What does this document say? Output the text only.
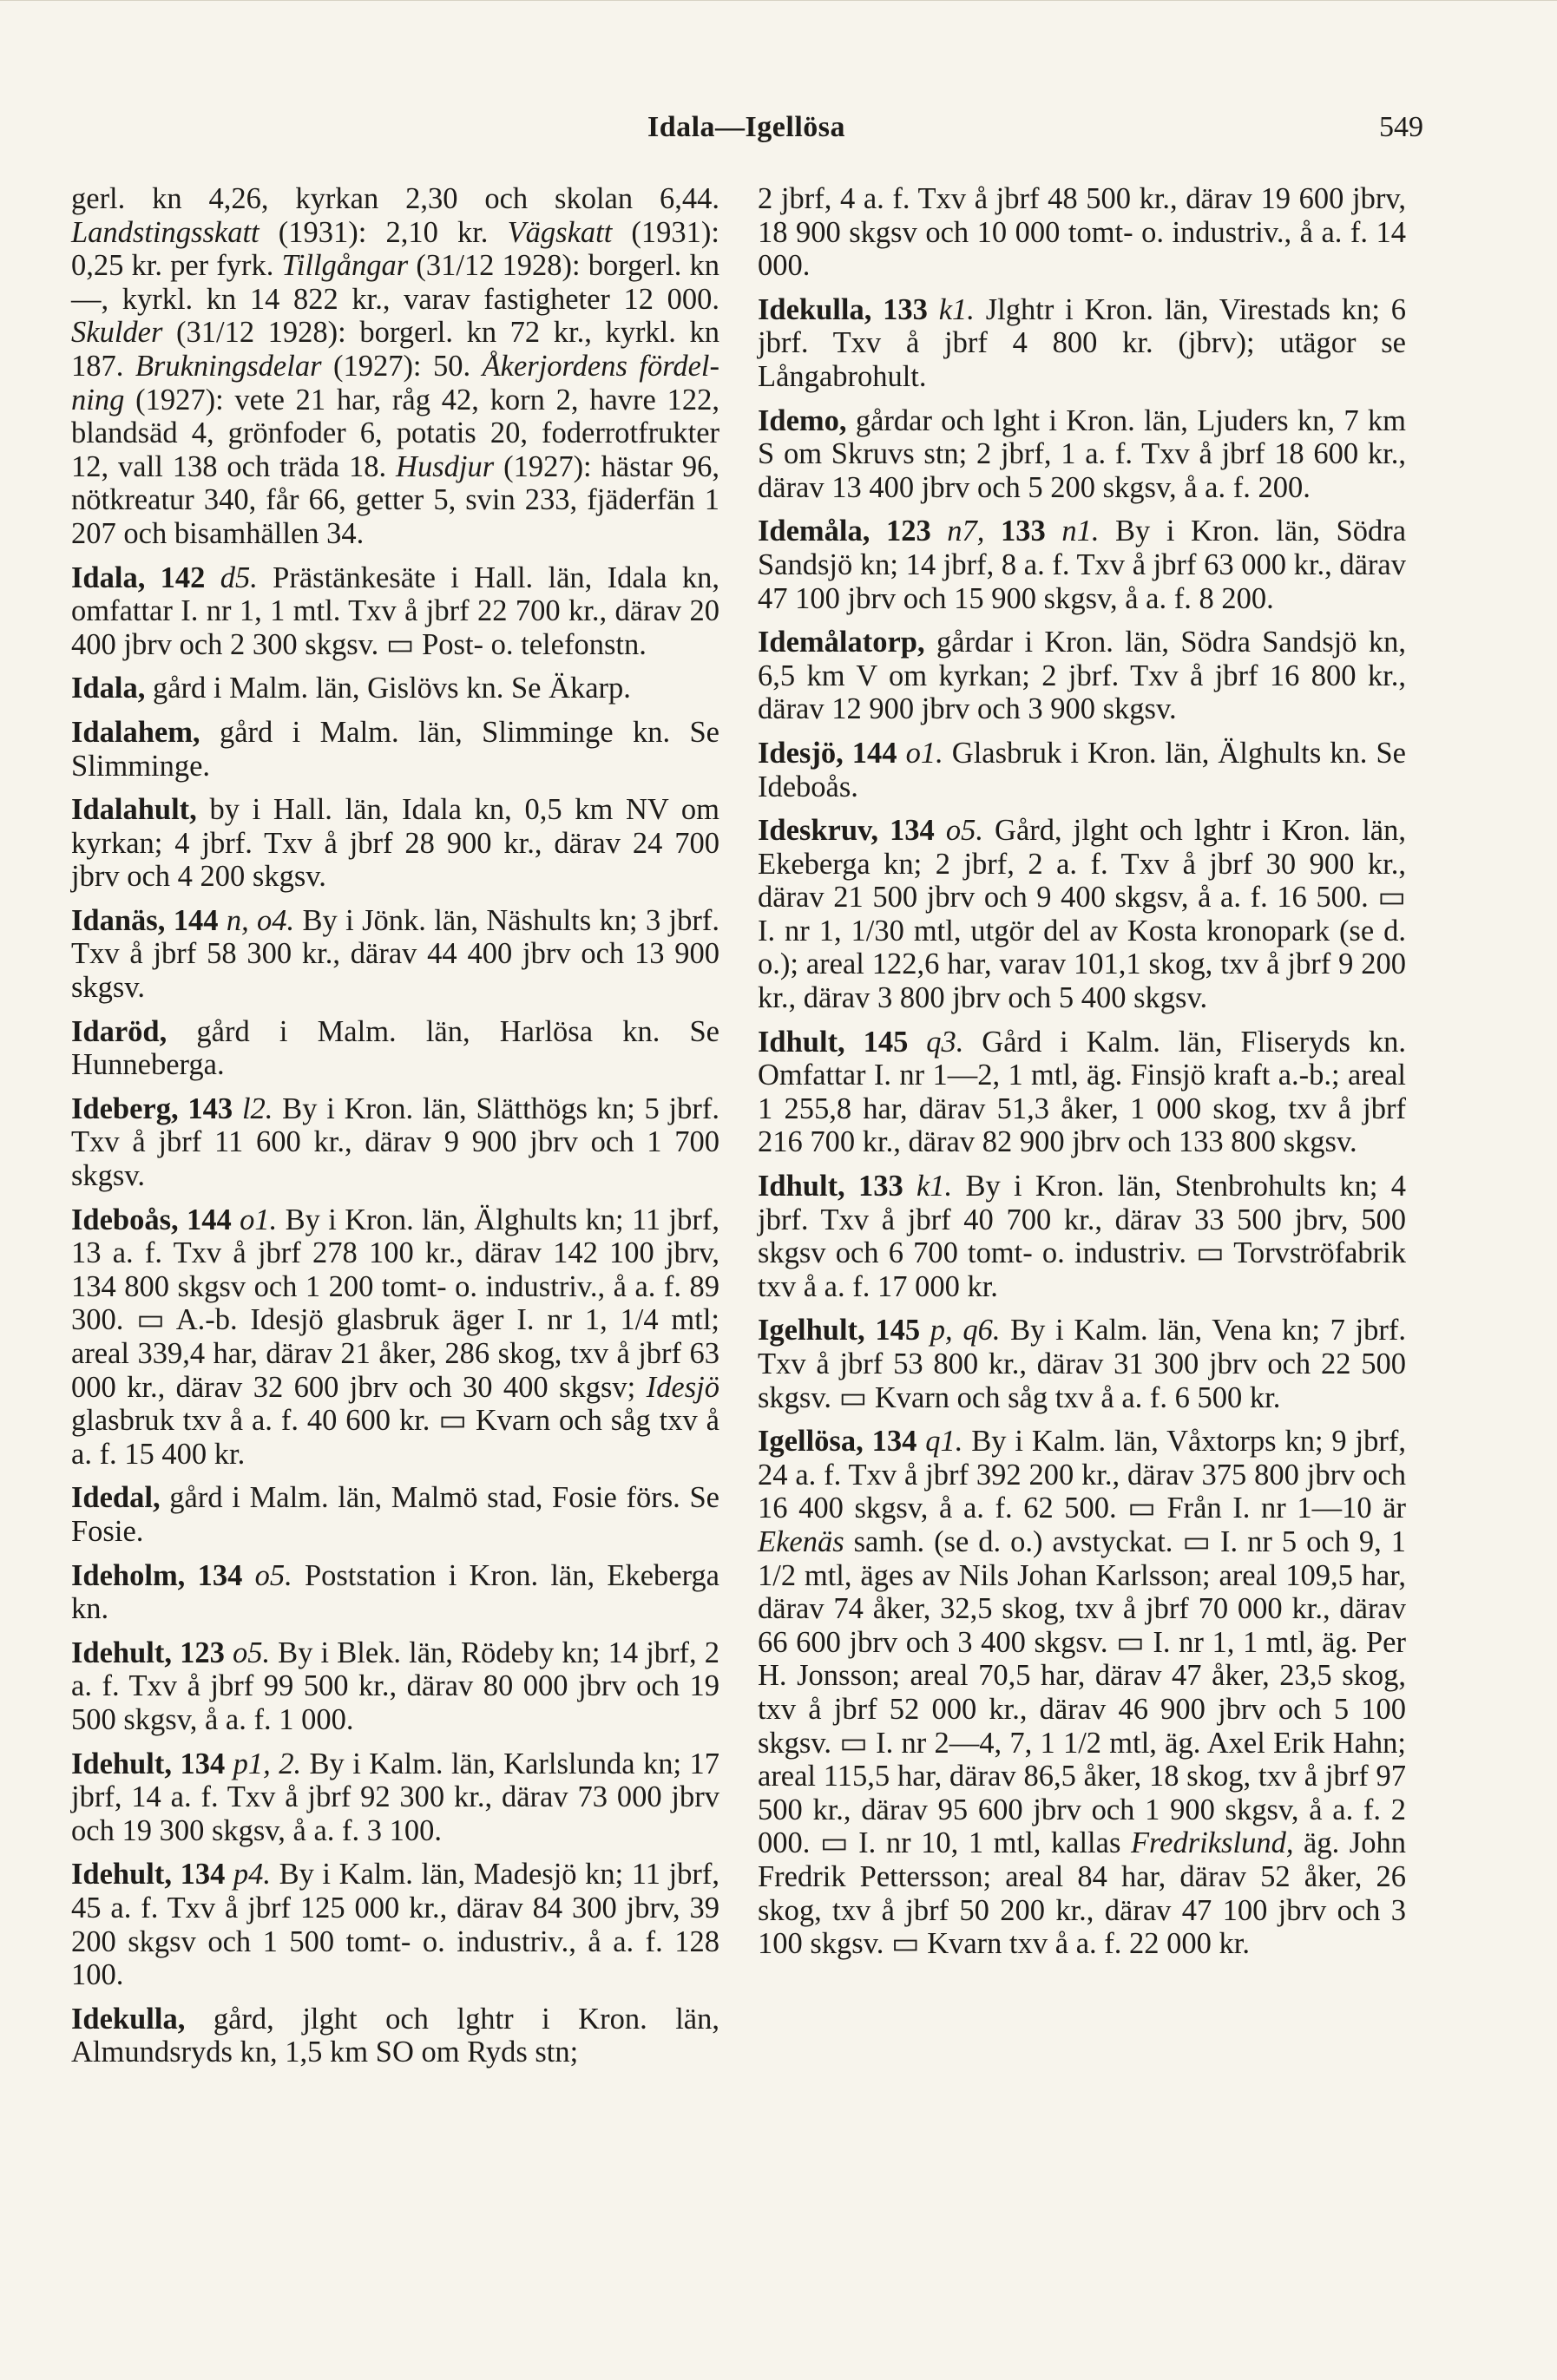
Idala—Igellösa	549

gerl. kn 4,26, kyrkan 2,30 och skolan 6,44. Landstingsskatt (1931): 2,10 kr. Vägskatt (1931): 0,25 kr. per fyrk. Tillgångar (31/12 1928): borgerl. kn —, kyrkl. kn 14 822 kr., varav fastigheter 12 000. Skulder (31/12 1928): borgerl. kn 72 kr., kyrkl. kn 187. Brukningsdelar (1927): 50. Åkerjordens fördelning (1927): vete 21 har, råg 42, korn 2, havre 122, blandsäd 4, grönfoder 6, potatis 20, foderrotfrukter 12, vall 138 och träda 18. Husdjur (1927): hästar 96, nötkreatur 340, får 66, getter 5, svin 233, fjäderfän 1 207 och bisamhällen 34.

Idala, 142 d5. Prästänkesäte i Hall. län, Idala kn, omfattar I. nr 1, 1 mtl. Txv å jbrf 22 700 kr., därav 20 400 jbrv och 2 300 skgsv. ▭ Post- o. telefonstn.

Idala, gård i Malm. län, Gislövs kn. Se Äkarp.

Idalahem, gård i Malm. län, Slimminge kn. Se Slimminge.

Idalahult, by i Hall. län, Idala kn, 0,5 km NV om kyrkan; 4 jbrf. Txv å jbrf 28 900 kr., därav 24 700 jbrv och 4 200 skgsv.

Idanäs, 144 n, o4. By i Jönk. län, Näshults kn; 3 jbrf. Txv å jbrf 58 300 kr., därav 44 400 jbrv och 13 900 skgsv.

Idaröd, gård i Malm. län, Harlösa kn. Se Hunneberga.

Ideberg, 143 l2. By i Kron. län, Slätthögs kn; 5 jbrf. Txv å jbrf 11 600 kr., därav 9 900 jbrv och 1 700 skgsv.

Ideboås, 144 o1. By i Kron. län, Älghults kn; 11 jbrf, 13 a. f. Txv å jbrf 278 100 kr., därav 142 100 jbrv, 134 800 skgsv och 1 200 tomt- o. industriv., å a. f. 89 300. ▭ A.-b. Idesjö glasbruk äger I. nr 1, 1/4 mtl; areal 339,4 har, därav 21 åker, 286 skog, txv å jbrf 63 000 kr., därav 32 600 jbrv och 30 400 skgsv; Idesjö glasbruk txv å a. f. 40 600 kr. ▭ Kvarn och såg txv å a. f. 15 400 kr.

Idedal, gård i Malm. län, Malmö stad, Fosie förs. Se Fosie.

Ideholm, 134 o5. Poststation i Kron. län, Ekeberga kn.

Idehult, 123 o5. By i Blek. län, Rödeby kn; 14 jbrf, 2 a. f. Txv å jbrf 99 500 kr., därav 80 000 jbrv och 19 500 skgsv, å a. f. 1 000.

Idehult, 134 p1, 2. By i Kalm. län, Karlslunda kn; 17 jbrf, 14 a. f. Txv å jbrf 92 300 kr., därav 73 000 jbrv och 19 300 skgsv, å a. f. 3 100.

Idehult, 134 p4. By i Kalm. län, Madesjö kn; 11 jbrf, 45 a. f. Txv å jbrf 125 000 kr., därav 84 300 jbrv, 39 200 skgsv och 1 500 tomt- o. industriv., å a. f. 128 100.

Idekulla, gård, jlght och lghtr i Kron. län, Almundsryds kn, 1,5 km SO om Ryds stn;

2 jbrf, 4 a. f. Txv å jbrf 48 500 kr., därav 19 600 jbrv, 18 900 skgsv och 10 000 tomt- o. industriv., å a. f. 14 000.

Idekulla, 133 k1. Jlghtr i Kron. län, Virestads kn; 6 jbrf. Txv å jbrf 4 800 kr. (jbrv); utägor se Långabrohult.

Idemo, gårdar och lght i Kron. län, Ljuders kn, 7 km S om Skruvs stn; 2 jbrf, 1 a. f. Txv å jbrf 18 600 kr., därav 13 400 jbrv och 5 200 skgsv, å a. f. 200.

Idemåla, 123 n7, 133 n1. By i Kron. län, Södra Sandsjö kn; 14 jbrf, 8 a. f. Txv å jbrf 63 000 kr., därav 47 100 jbrv och 15 900 skgsv, å a. f. 8 200.

Idemålatorp, gårdar i Kron. län, Södra Sandsjö kn, 6,5 km V om kyrkan; 2 jbrf. Txv å jbrf 16 800 kr., därav 12 900 jbrv och 3 900 skgsv.

Idesjö, 144 o1. Glasbruk i Kron. län, Älghults kn. Se Ideboås.

Ideskruv, 134 o5. Gård, jlght och lghtr i Kron. län, Ekeberga kn; 2 jbrf, 2 a. f. Txv å jbrf 30 900 kr., därav 21 500 jbrv och 9 400 skgsv, å a. f. 16 500. ▭ I. nr 1, 1/30 mtl, utgör del av Kosta kronopark (se d. o.); areal 122,6 har, varav 101,1 skog, txv å jbrf 9 200 kr., därav 3 800 jbrv och 5 400 skgsv.

Idhult, 145 q3. Gård i Kalm. län, Fliseryds kn. Omfattar I. nr 1—2, 1 mtl, äg. Finsjö kraft a.-b.; areal 1 255,8 har, därav 51,3 åker, 1 000 skog, txv å jbrf 216 700 kr., därav 82 900 jbrv och 133 800 skgsv.

Idhult, 133 k1. By i Kron. län, Stenbrohults kn; 4 jbrf. Txv å jbrf 40 700 kr., därav 33 500 jbrv, 500 skgsv och 6 700 tomt- o. industriv. ▭ Torvströfabrik txv å a. f. 17 000 kr.

Igelhult, 145 p, q6. By i Kalm. län, Vena kn; 7 jbrf. Txv å jbrf 53 800 kr., därav 31 300 jbrv och 22 500 skgsv. ▭ Kvarn och såg txv å a. f. 6 500 kr.

Igellösa, 134 q1. By i Kalm. län, Våxtorps kn; 9 jbrf, 24 a. f. Txv å jbrf 392 200 kr., därav 375 800 jbrv och 16 400 skgsv, å a. f. 62 500. ▭ Från I. nr 1—10 är Ekenäs samh. (se d. o.) avstyckat. ▭ I. nr 5 och 9, 1 1/2 mtl, äges av Nils Johan Karlsson; areal 109,5 har, därav 74 åker, 32,5 skog, txv å jbrf 70 000 kr., därav 66 600 jbrv och 3 400 skgsv. ▭ I. nr 1, 1 mtl, äg. Per H. Jonsson; areal 70,5 har, därav 47 åker, 23,5 skog, txv å jbrf 52 000 kr., därav 46 900 jbrv och 5 100 skgsv. ▭ I. nr 2—4, 7, 1 1/2 mtl, äg. Axel Erik Hahn; areal 115,5 har, därav 86,5 åker, 18 skog, txv å jbrf 97 500 kr., därav 95 600 jbrv och 1 900 skgsv, å a. f. 2 000. ▭ I. nr 10, 1 mtl, kallas Fredrikslund, äg. John Fredrik Pettersson; areal 84 har, därav 52 åker, 26 skog, txv å jbrf 50 200 kr., därav 47 100 jbrv och 3 100 skgsv. ▭ Kvarn txv å a. f. 22 000 kr.
